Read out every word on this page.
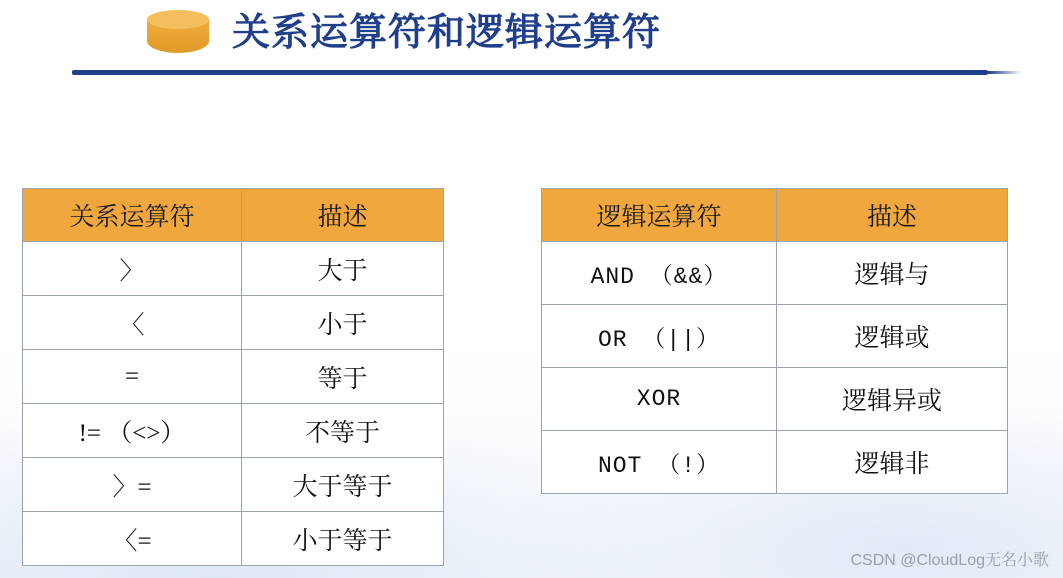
关系运算符和逻辑运算符
关系运算符	描述
〉	大于
〈	小于
=	等于
!= （<>）	不等于
〉=	大于等于
〈=	小于等于
逻辑运算符	描述
AND （&&）	逻辑与
OR （||）	逻辑或
XOR	逻辑异或
NOT （!）	逻辑非
CSDN @CloudLog无名小歌
